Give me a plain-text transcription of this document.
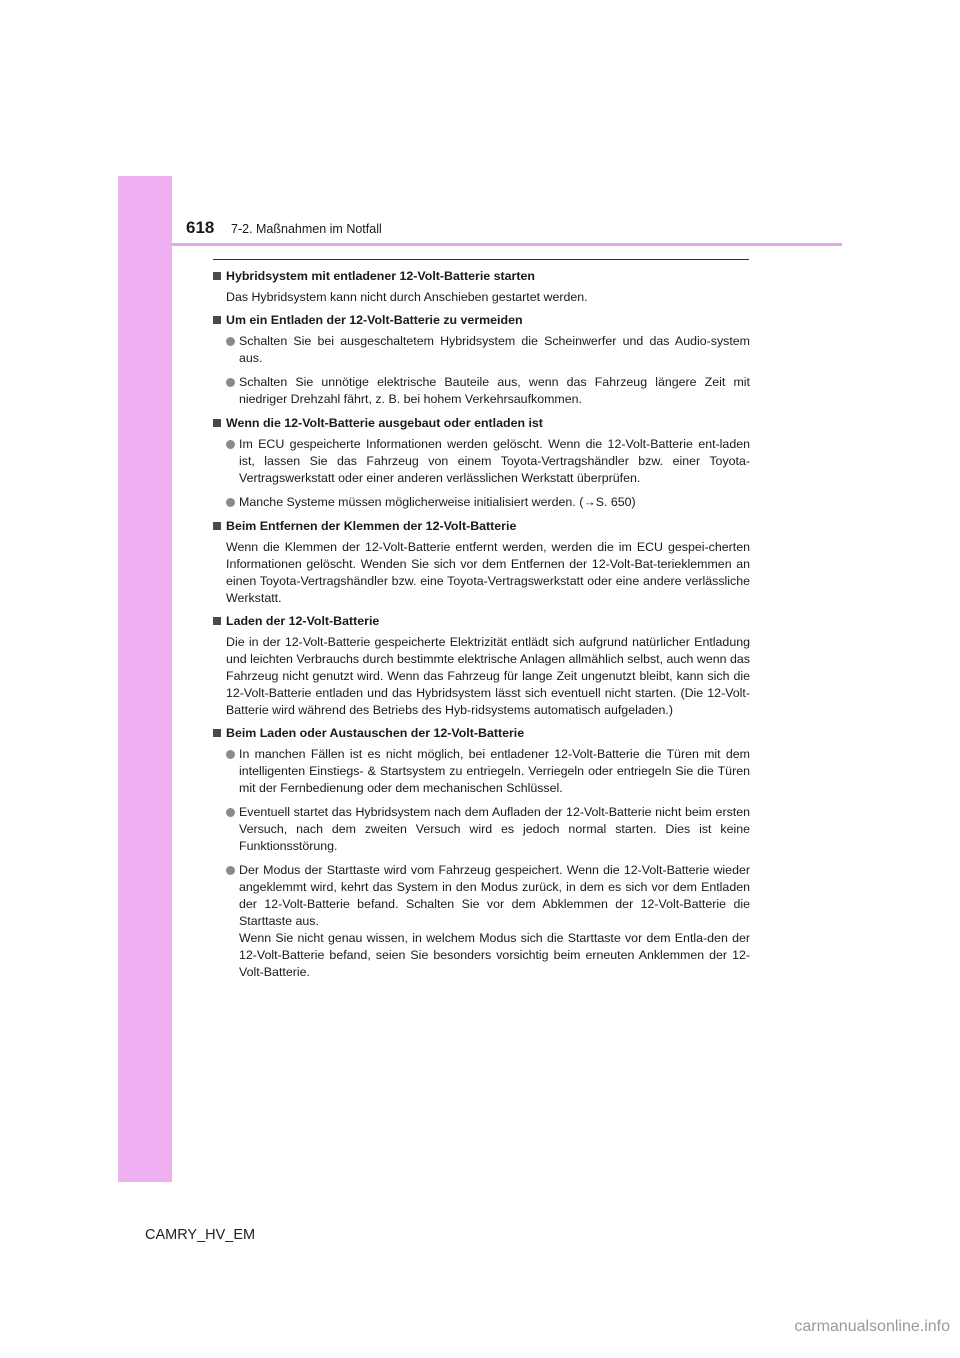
618 7-2. Maßnahmen im Notfall
Hybridsystem mit entladener 12-Volt-Batterie starten
Das Hybridsystem kann nicht durch Anschieben gestartet werden.
Um ein Entladen der 12-Volt-Batterie zu vermeiden
Schalten Sie bei ausgeschaltetem Hybridsystem die Scheinwerfer und das Audio-system aus.
Schalten Sie unnötige elektrische Bauteile aus, wenn das Fahrzeug längere Zeit mit niedriger Drehzahl fährt, z. B. bei hohem Verkehrsaufkommen.
Wenn die 12-Volt-Batterie ausgebaut oder entladen ist
Im ECU gespeicherte Informationen werden gelöscht. Wenn die 12-Volt-Batterie ent-laden ist, lassen Sie das Fahrzeug von einem Toyota-Vertragshändler bzw. einer Toyota-Vertragswerkstatt oder einer anderen verlässlichen Werkstatt überprüfen.
Manche Systeme müssen möglicherweise initialisiert werden. (→S. 650)
Beim Entfernen der Klemmen der 12-Volt-Batterie
Wenn die Klemmen der 12-Volt-Batterie entfernt werden, werden die im ECU gespei-cherten Informationen gelöscht. Wenden Sie sich vor dem Entfernen der 12-Volt-Bat-terieklemmen an einen Toyota-Vertragshändler bzw. eine Toyota-Vertragswerkstatt oder eine andere verlässliche Werkstatt.
Laden der 12-Volt-Batterie
Die in der 12-Volt-Batterie gespeicherte Elektrizität entlädt sich aufgrund natürlicher Entladung und leichten Verbrauchs durch bestimmte elektrische Anlagen allmählich selbst, auch wenn das Fahrzeug nicht genutzt wird. Wenn das Fahrzeug für lange Zeit ungenutzt bleibt, kann sich die 12-Volt-Batterie entladen und das Hybridsystem lässt sich eventuell nicht starten. (Die 12-Volt-Batterie wird während des Betriebs des Hyb-ridsystems automatisch aufgeladen.)
Beim Laden oder Austauschen der 12-Volt-Batterie
In manchen Fällen ist es nicht möglich, bei entladener 12-Volt-Batterie die Türen mit dem intelligenten Einstiegs- & Startsystem zu entriegeln. Verriegeln oder entriegeln Sie die Türen mit der Fernbedienung oder dem mechanischen Schlüssel.
Eventuell startet das Hybridsystem nach dem Aufladen der 12-Volt-Batterie nicht beim ersten Versuch, nach dem zweiten Versuch wird es jedoch normal starten. Dies ist keine Funktionsstörung.
Der Modus der Starttaste wird vom Fahrzeug gespeichert. Wenn die 12-Volt-Batterie wieder angeklemmt wird, kehrt das System in den Modus zurück, in dem es sich vor dem Entladen der 12-Volt-Batterie befand. Schalten Sie vor dem Abklemmen der 12-Volt-Batterie die Starttaste aus.
Wenn Sie nicht genau wissen, in welchem Modus sich die Starttaste vor dem Entla-den der 12-Volt-Batterie befand, seien Sie besonders vorsichtig beim erneuten Anklemmen der 12-Volt-Batterie.
CAMRY_HV_EM
carmanualsonline.info
